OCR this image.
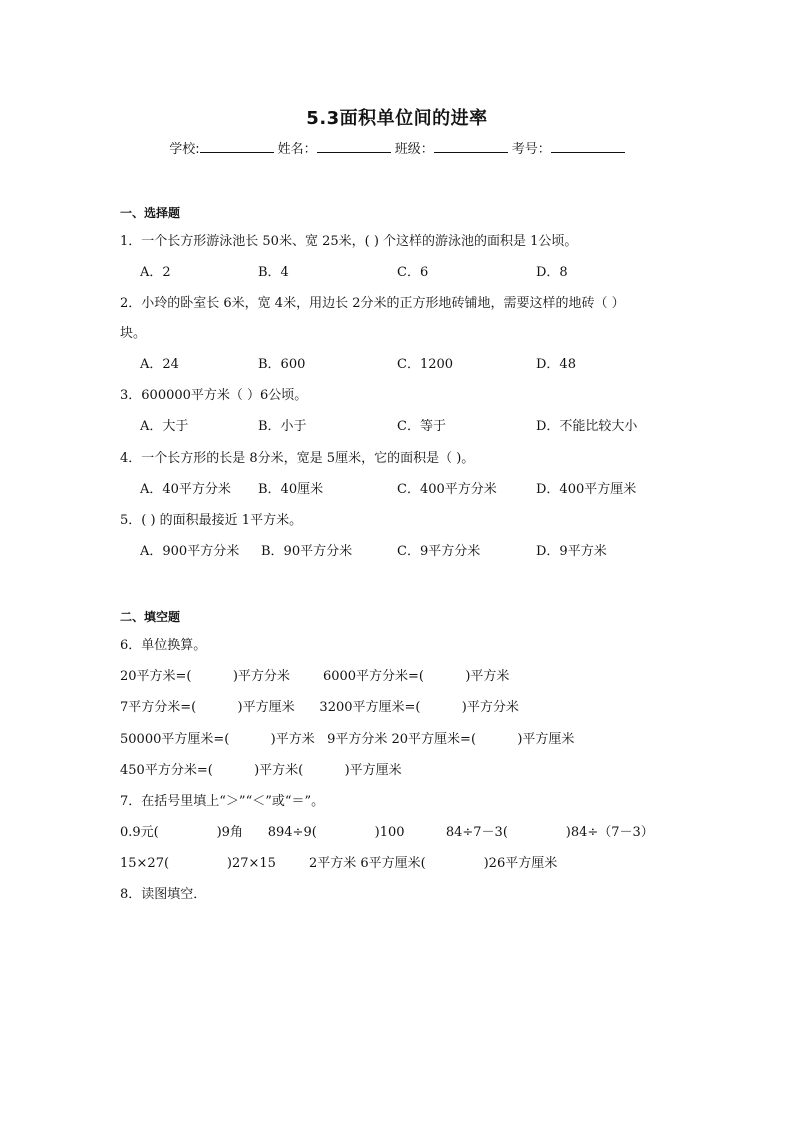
5.3面积单位间的进率
学校:	姓名：	班级：	考号：
一、选择题
1．一个长方形游泳池长 50米、宽 25米，( ) 个这样的游泳池的面积是 1公顷。
A．2	B．4	C．6	D．8
2．小玲的卧室长 6米，宽 4米，用边长 2分米的正方形地砖铺地，需要这样的地砖（ ）
块。
A．24	B．600	C．1200	D．48
3．600000平方米（ ）6公顷。
A．大于	B．小于	C．等于	D．不能比较大小
4．一个长方形的长是 8分米，宽是 5厘米，它的面积是（ )。
A．40平方分米 B．40厘米	C．400平方分米	D．400平方厘米
5．( ) 的面积最接近 1平方米。
A．900平方分米 B．90平方分米	C．9平方分米	D．9平方米
二、填空题
6．单位换算。
20平方米=(          )平方分米        6000平方分米=(          )平方米
7平方分米=(          )平方厘米      3200平方厘米=(          )平方分米
50000平方厘米=(          )平方米   9平方分米 20平方厘米=(          )平方厘米
450平方分米=(          )平方米(          )平方厘米
7．在括号里填上“＞”“＜”或“＝”。
0.9元(              )9角      894÷9(              )100          84÷7－3(              )84÷（7－3）
15×27(              )27×15        2平方米 6平方厘米(              )26平方厘米
8．读图填空．
